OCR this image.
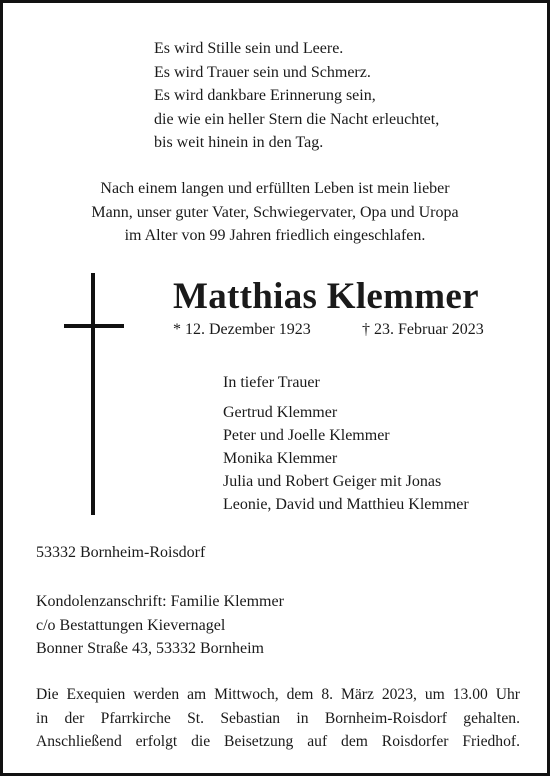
Es wird Stille sein und Leere.
Es wird Trauer sein und Schmerz.
Es wird dankbare Erinnerung sein,
die wie ein heller Stern die Nacht erleuchtet,
bis weit hinein in den Tag.
Nach einem langen und erfüllten Leben ist mein lieber
Mann, unser guter Vater, Schwiegervater, Opa und Uropa
im Alter von 99 Jahren friedlich eingeschlafen.
Matthias Klemmer
* 12. Dezember 1923	† 23. Februar 2023
In tiefer Trauer
Gertrud Klemmer
Peter und Joelle Klemmer
Monika Klemmer
Julia und Robert Geiger mit Jonas
Leonie, David und Matthieu Klemmer
53332 Bornheim-Roisdorf
Kondolenzanschrift: Familie Klemmer
c/o Bestattungen Kievernagel
Bonner Straße 43, 53332 Bornheim
Die Exequien werden am Mittwoch, dem 8. März 2023, um 13.00 Uhr
in der Pfarrkirche St. Sebastian in Bornheim-Roisdorf gehalten.
Anschließend erfolgt die Beisetzung auf dem Roisdorfer Friedhof.
